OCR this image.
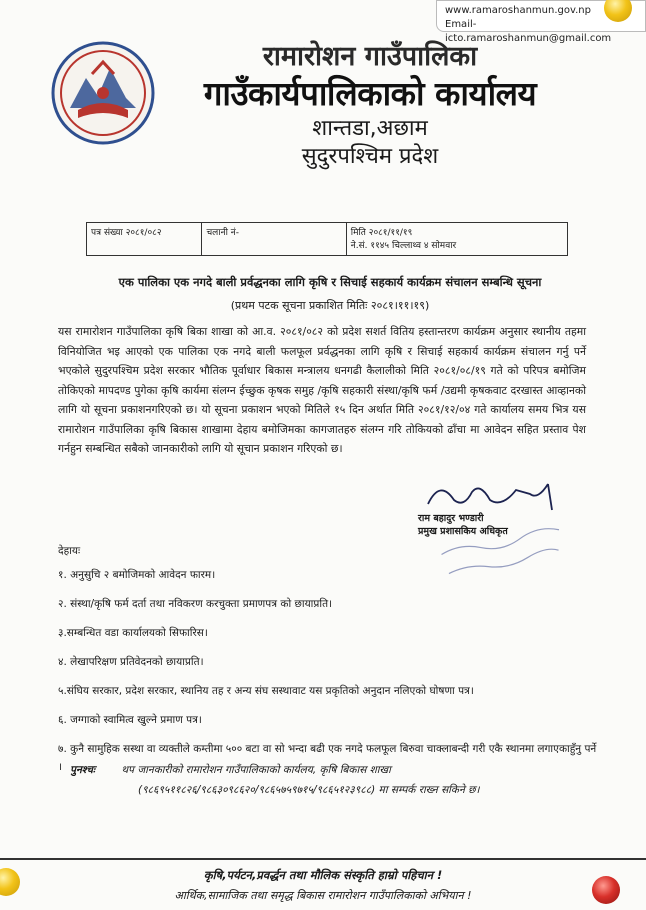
www.ramaroshanmun.gov.np
Email-icto.ramaroshanmun@gmail.com
रामारोशन गाउँपालिका
गाउँकार्यपालिकाको कार्यालय
शान्तडा,अछाम
सुदुरपश्चिम प्रदेश
पत्र संख्या २०८१/०८२	चलानी नं-	मिति २०८१/११/१९
ने.सं. ११४५ चिल्लाथ्व ४ सोमवार
एक पालिका एक नगदे बाली प्रर्वद्धनका लागि कृषि र सिचाई सहकार्य कार्यक्रम संचालन सम्बन्धि सूचना
(प्रथम पटक सूचना प्रकाशित मितिः २०८१।११।१९)
यस रामारोशन गाउँपालिका कृषि बिका शाखा को आ.व. २०८१/०८२ को प्रदेश सशर्त वितिय हस्तान्तरण कार्यक्रम अनुसार स्थानीय तहमा विनियोजित भइ आएको एक पालिका एक नगदे बाली फलफूल प्रर्वद्धनका लागि कृषि र सिचाई सहकार्य कार्यक्रम संचालन गर्नु पर्ने भएकोले सुदुरपश्चिम प्रदेश सरकार भौतिक पूर्वाधार बिकास मन्त्रालय धनगढी कैलालीको मिति २०८१/०८/१९ गते को परिपत्र बमोजिम तोकिएको मापदण्ड पुगेका कृषि कार्यमा संलग्न ईच्छुक कृषक समुह /कृषि सहकारी संस्था/कृषि फर्म /उद्यमी कृषकवाट दरखास्त आव्हानको लागि यो सूचना प्रकाशनगरिएको छ। यो सूचना प्रकाशन भएको मितिले १५ दिन अर्थात मिति २०८१/१२/०४ गते कार्यालय समय भित्र यस रामारोशन गाउँपालिका कृषि बिकास शाखामा देहाय बमोजिमका कागजातहरु संलग्न गरि तोकियको ढाँचा मा आवेदन सहित प्रस्ताव पेश गर्नहुन सम्बन्धित सबैको जानकारीको लागि यो सूचान प्रकाशन गरिएको छ।
राम बहादुर भण्डारी
प्रमुख प्रशासकिय अधिकृत
देहायः
१. अनुसुचि २ बमोजिमको आवेदन फारम।
२. संस्था/कृषि फर्म दर्ता तथा नविकरण करचुक्ता प्रमाणपत्र को छायाप्रति।
३.सम्बन्धित वडा कार्यालयको सिफारिस।
४. लेखापरिक्षण प्रतिवेदनको छायाप्रति।
५.संघिय सरकार, प्रदेश सरकार, स्थानिय तह र अन्य संघ सस्थावाट यस प्रकृतिको अनुदान नलिएको घोषणा पत्र।
६. जग्गाको स्वामित्व खुल्ने प्रमाण पत्र।
७. कुनै सामुहिक सस्था वा व्यक्तीले कम्तीमा ५०० बटा वा सो भन्दा बढी एक नगदे फलफूल बिरुवा चाक्लाबन्दी गरी एकै स्थानमा लगाएकाहुँनु पर्ने । पुनश्चः	थप जानकारीको रामारोशन गाउँपालिकाको कार्यलय, कृषि बिकास शाखा
(९८६९५११८२६/९८६३०९८६२०/९८६५७५९७१५/९८६५१२३९८८) मा सम्पर्क राख्न सकिने छ।
कृषि,पर्यटन,प्रवर्द्धन तथा मौलिक संस्कृति हाम्रो पहिचान !
आर्थिक,सामाजिक तथा समृद्ध बिकास रामारोशन गाउँपालिकाको अभियान !
